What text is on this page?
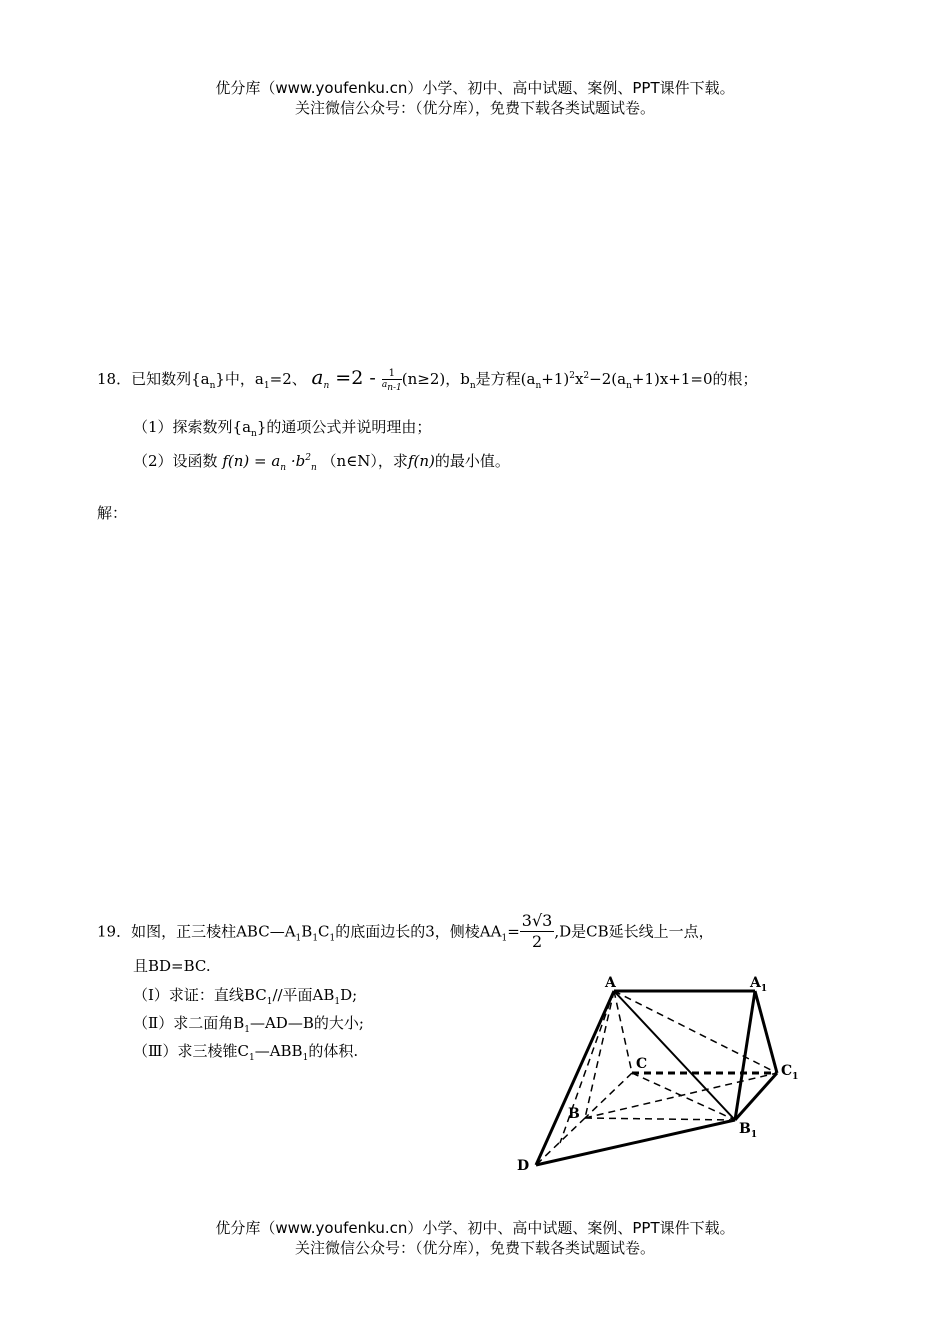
优分库（www.youfenku.cn）小学、初中、高中试题、案例、PPT课件下载。
关注微信公众号：（优分库），免费下载各类试题试卷。
18．已知数列$\{a_n\}$中，$a_1=2$、 $a_n =2 - \frac{1}{a_{n-1}} (n\ge 2)$，$b_n$是方程$(a_n+1)^2x^2-2(a_n+1)x+1=0$的根；
（1）探索数列$\{a_n\}$的通项公式并说明理由；
（2）设函数 $f(n) = a_n \cdot b^2_n$ （n∈N），求f(n)的最小值。
解：
19．如图，正三棱柱$ABC—A_1B_1C_1$的底面边长的3，侧棱$AA_1= \frac{3√3}{2} ,D$是CB延长线上一点，
且BD=BC.
（Ⅰ）求证：直线$BC_1//$平面$AB_1D$;
（Ⅱ）求二面角$B_1—AD—B$的大小;
（Ⅲ）求三棱锥$C_1—ABB_1$的体积.
A	$A_1$
C	$C_1$
B
$B_1$
D
优分库（www.youfenku.cn）小学、初中、高中试题、案例、PPT课件下载。
关注微信公众号：（优分库），免费下载各类试题试卷。
